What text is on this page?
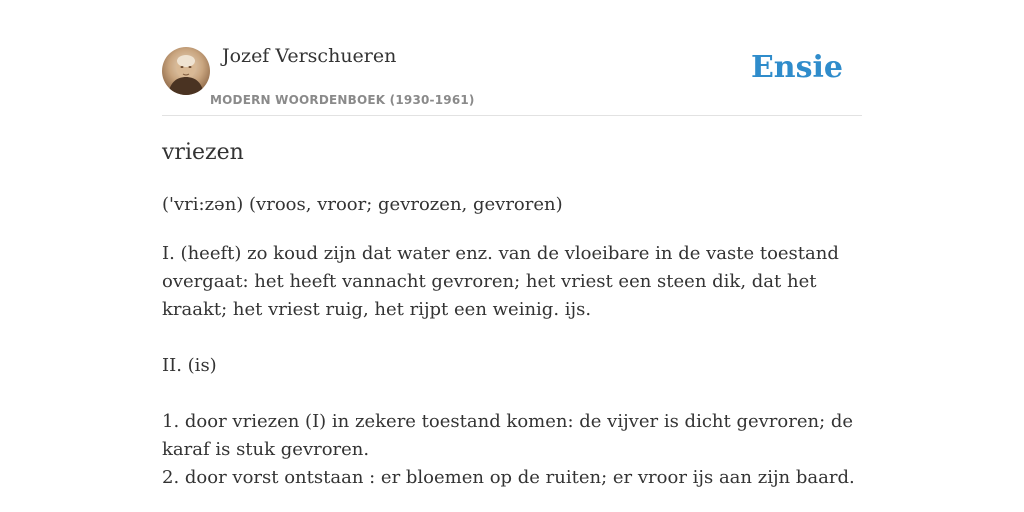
Jozef Verschueren
MODERN WOORDENBOEK (1930-1961)
Ensie
vriezen
('vri:zən) (vroos, vroor; gevrozen, gevroren)

I. (heeft) zo koud zijn dat water enz. van de vloeibare in de vaste toestand overgaat: het heeft vannacht gevroren; het vriest een steen dik, dat het kraakt; het vriest ruig, het rijpt een weinig. ijs.

II. (is)

1. door vriezen (I) in zekere toestand komen: de vijver is dicht gevroren; de karaf is stuk gevroren.

2. door vorst ontstaan : er bloemen op de ruiten; er vroor ijs aan zijn baard.
